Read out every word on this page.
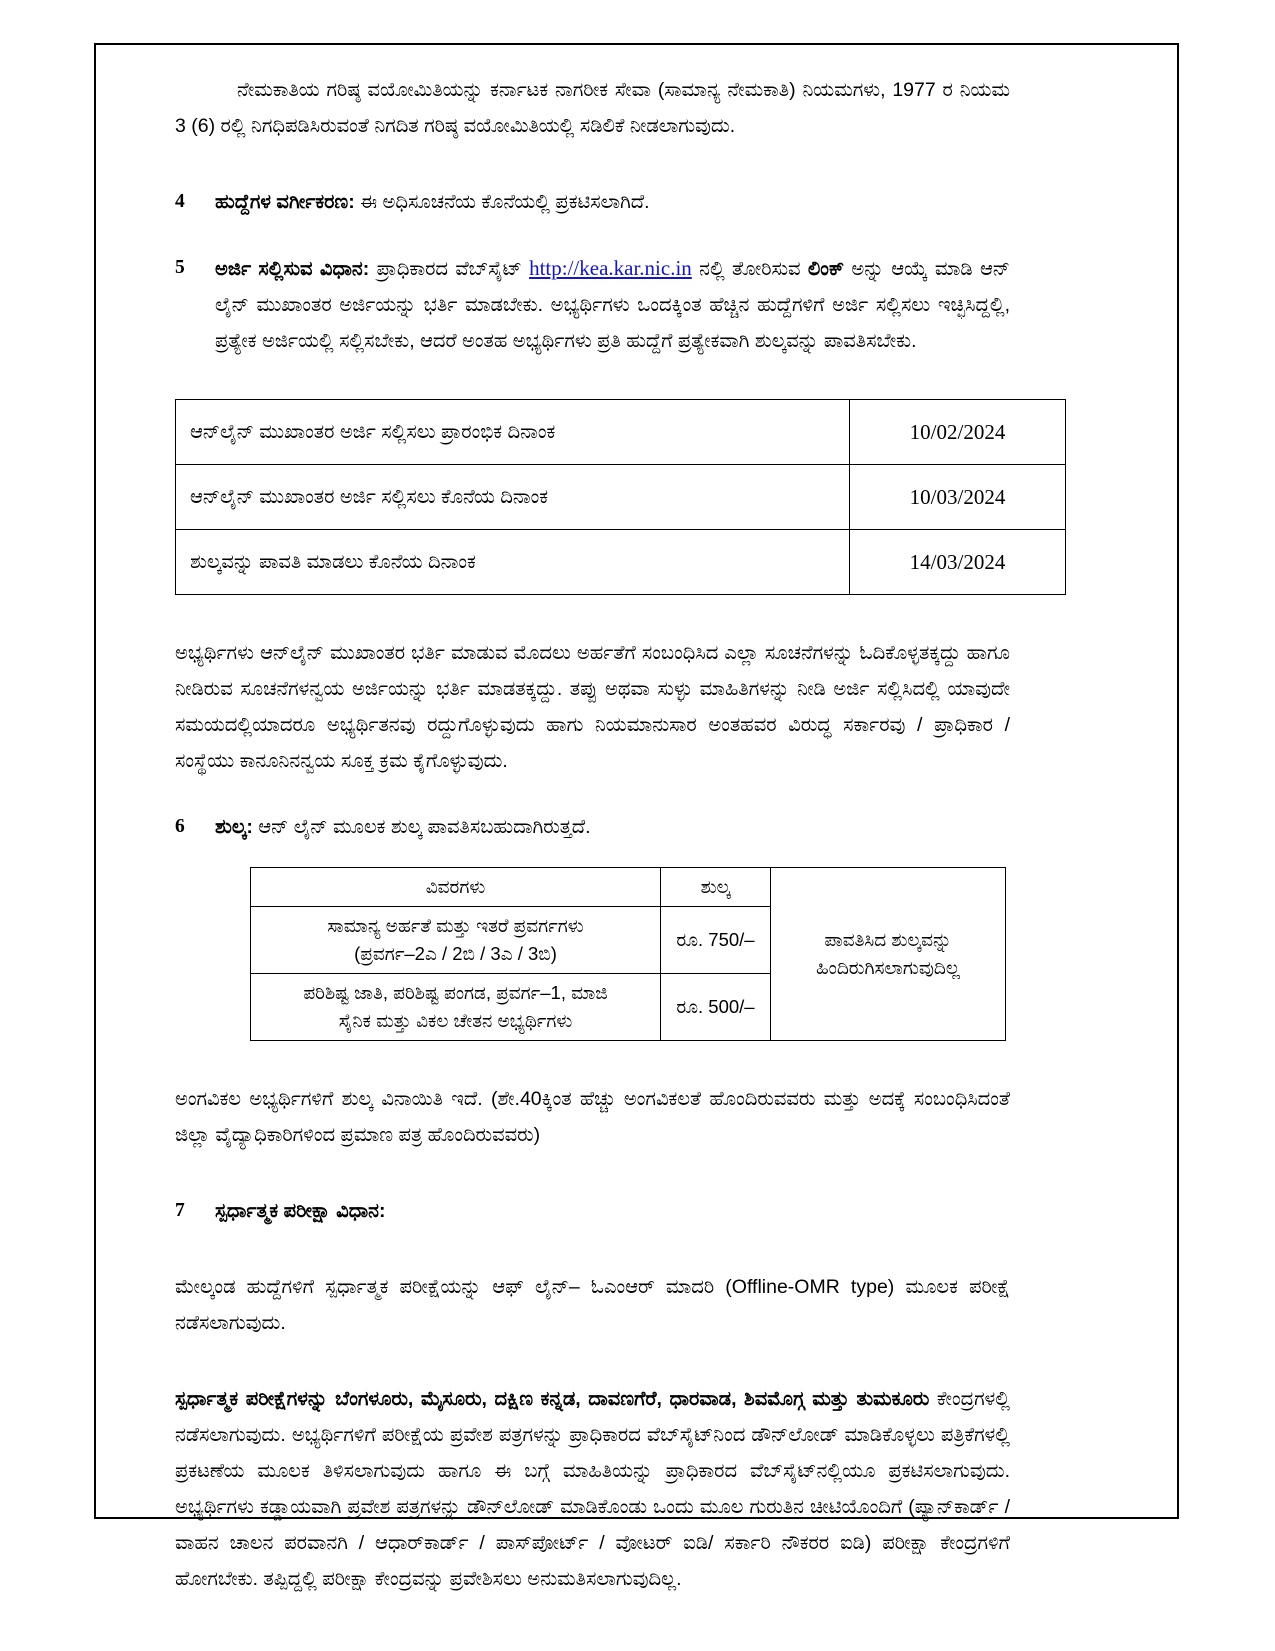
ನೇಮಕಾತಿಯ ಗರಿಷ್ಠ ವಯೋಮಿತಿಯನ್ನು ಕರ್ನಾಟಕ ನಾಗರೀಕ ಸೇವಾ (ಸಾಮಾನ್ಯ ನೇಮಕಾತಿ) ನಿಯಮಗಳು, 1977 ರ ನಿಯಮ 3 (6) ರಲ್ಲಿ ನಿಗಧಿಪಡಿಸಿರುವಂತೆ ನಿಗದಿತ ಗರಿಷ್ಠ ವಯೋಮಿತಿಯಲ್ಲಿ ಸಡಿಲಿಕೆ ನೀಡಲಾಗುವುದು.

4	ಹುದ್ದೆಗಳ ವರ್ಗೀಕರಣ: ಈ ಅಧಿಸೂಚನೆಯ ಕೊನೆಯಲ್ಲಿ ಪ್ರಕಟಿಸಲಾಗಿದೆ.
5	ಅರ್ಜಿ ಸಲ್ಲಿಸುವ ವಿಧಾನ: ಪ್ರಾಧಿಕಾರದ ವೆಬ್‌ಸೈಟ್ http://kea.kar.nic.in ನಲ್ಲಿ ತೋರಿಸುವ ಲಿಂಕ್ ಅನ್ನು ಆಯ್ಕೆ ಮಾಡಿ ಆನ್ ಲೈನ್ ಮುಖಾಂತರ ಅರ್ಜಿಯನ್ನು ಭರ್ತಿ ಮಾಡಬೇಕು. ಅಭ್ಯರ್ಥಿಗಳು ಒಂದಕ್ಕಿಂತ ಹೆಚ್ಚಿನ ಹುದ್ದೆಗಳಿಗೆ ಅರ್ಜಿ ಸಲ್ಲಿಸಲು ಇಚ್ಛಿಸಿದ್ದಲ್ಲಿ, ಪ್ರತ್ಯೇಕ ಅರ್ಜಿಯಲ್ಲಿ ಸಲ್ಲಿಸಬೇಕು, ಆದರೆ ಅಂತಹ ಅಭ್ಯರ್ಥಿಗಳು ಪ್ರತಿ ಹುದ್ದೆಗೆ ಪ್ರತ್ಯೇಕವಾಗಿ ಶುಲ್ಕವನ್ನು ಪಾವತಿಸಬೇಕು.
ಆನ್‌ಲೈನ್ ಮುಖಾಂತರ ಅರ್ಜಿ ಸಲ್ಲಿಸಲು ಪ್ರಾರಂಭಿಕ ದಿನಾಂಕ	10/02/2024
ಆನ್‌ಲೈನ್ ಮುಖಾಂತರ ಅರ್ಜಿ ಸಲ್ಲಿಸಲು ಕೊನೆಯ ದಿನಾಂಕ	10/03/2024
ಶುಲ್ಕವನ್ನು ಪಾವತಿ ಮಾಡಲು ಕೊನೆಯ ದಿನಾಂಕ	14/03/2024

ಅಭ್ಯರ್ಥಿಗಳು ಆನ್‌ಲೈನ್ ಮುಖಾಂತರ ಭರ್ತಿ ಮಾಡುವ ಮೊದಲು ಅರ್ಹತೆಗೆ ಸಂಬಂಧಿಸಿದ ಎಲ್ಲಾ ಸೂಚನೆಗಳನ್ನು ಓದಿಕೊಳ್ಳತಕ್ಕದ್ದು ಹಾಗೂ ನೀಡಿರುವ ಸೂಚನೆಗಳನ್ವಯ ಅರ್ಜಿಯನ್ನು ಭರ್ತಿ ಮಾಡತಕ್ಕದ್ದು. ತಪ್ಪು ಅಥವಾ ಸುಳ್ಳು ಮಾಹಿತಿಗಳನ್ನು ನೀಡಿ ಅರ್ಜಿ ಸಲ್ಲಿಸಿದಲ್ಲಿ ಯಾವುದೇ ಸಮಯದಲ್ಲಿಯಾದರೂ ಅಭ್ಯರ್ಥಿತನವು ರದ್ದುಗೊಳ್ಳುವುದು ಹಾಗು ನಿಯಮಾನುಸಾರ ಅಂತಹವರ ವಿರುದ್ಧ ಸರ್ಕಾರವು / ಪ್ರಾಧಿಕಾರ / ಸಂಸ್ಥೆಯು ಕಾನೂನಿನನ್ವಯ ಸೂಕ್ತ ಕ್ರಮ ಕೈಗೊಳ್ಳುವುದು.

6	ಶುಲ್ಕ: ಆನ್ ಲೈನ್ ಮೂಲಕ ಶುಲ್ಕ ಪಾವತಿಸಬಹುದಾಗಿರುತ್ತದೆ.
ವಿವರಗಳು	ಶುಲ್ಕ	ಪಾವತಿಸಿದ ಶುಲ್ಕವನ್ನು
ಹಿಂದಿರುಗಿಸಲಾಗುವುದಿಲ್ಲ

ಸಾಮಾನ್ಯ ಅರ್ಹತೆ ಮತ್ತು ಇತರೆ ಪ್ರವರ್ಗಗಳು
(ಪ್ರವರ್ಗ–2ಎ / 2ಬಿ / 3ಎ / 3ಬಿ)	ರೂ. 750/–	

ಪರಿಶಿಷ್ಟ ಜಾತಿ, ಪರಿಶಿಷ್ಟ ಪಂಗಡ, ಪ್ರವರ್ಗ–1, ಮಾಜಿ
ಸೈನಿಕ ಮತ್ತು ವಿಕಲ ಚೇತನ ಅಭ್ಯರ್ಥಿಗಳು	ರೂ. 500/–	

ಅಂಗವಿಕಲ ಅಭ್ಯರ್ಥಿಗಳಿಗೆ ಶುಲ್ಕ ವಿನಾಯಿತಿ ಇದೆ. (ಶೇ.40ಕ್ಕಿಂತ ಹೆಚ್ಚು ಅಂಗವಿಕಲತೆ ಹೊಂದಿರುವವರು ಮತ್ತು ಅದಕ್ಕೆ ಸಂಬಂಧಿಸಿದಂತೆ ಜಿಲ್ಲಾ ವೈದ್ಯಾಧಿಕಾರಿಗಳಿಂದ ಪ್ರಮಾಣ ಪತ್ರ ಹೊಂದಿರುವವರು)

7	ಸ್ಪರ್ಧಾತ್ಮಕ ಪರೀಕ್ಷಾ ವಿಧಾನ:

ಮೇಲ್ಕಂಡ ಹುದ್ದೆಗಳಿಗೆ ಸ್ಪರ್ಧಾತ್ಮಕ ಪರೀಕ್ಷೆಯನ್ನು ಆಫ್ ಲೈನ್– ಓಎಂಆರ್ ಮಾದರಿ (Offline-OMR type) ಮೂಲಕ ಪರೀಕ್ಷೆ ನಡೆಸಲಾಗುವುದು.

ಸ್ಪರ್ಧಾತ್ಮಕ ಪರೀಕ್ಷೆಗಳನ್ನು ಬೆಂಗಳೂರು, ಮೈಸೂರು, ದಕ್ಷಿಣ ಕನ್ನಡ, ದಾವಣಗೆರೆ, ಧಾರವಾಡ, ಶಿವಮೊಗ್ಗ ಮತ್ತು ತುಮಕೂರು ಕೇಂದ್ರಗಳಲ್ಲಿ ನಡೆಸಲಾಗುವುದು. ಅಭ್ಯರ್ಥಿಗಳಿಗೆ ಪರೀಕ್ಷೆಯ ಪ್ರವೇಶ ಪತ್ರಗಳನ್ನು ಪ್ರಾಧಿಕಾರದ ವೆಬ್‌ಸೈಟ್‌ನಿಂದ ಡೌನ್‌ಲೋಡ್ ಮಾಡಿಕೊಳ್ಳಲು ಪತ್ರಿಕೆಗಳಲ್ಲಿ ಪ್ರಕಟಣೆಯ ಮೂಲಕ ತಿಳಿಸಲಾಗುವುದು ಹಾಗೂ ಈ ಬಗ್ಗೆ ಮಾಹಿತಿಯನ್ನು ಪ್ರಾಧಿಕಾರದ ವೆಬ್‌ಸೈಟ್‌ನಲ್ಲಿಯೂ ಪ್ರಕಟಿಸಲಾಗುವುದು. ಅಭ್ಯರ್ಥಿಗಳು ಕಡ್ಡಾಯವಾಗಿ ಪ್ರವೇಶ ಪತ್ರಗಳನ್ನು ಡೌನ್‌ಲೋಡ್ ಮಾಡಿಕೊಂಡು ಒಂದು ಮೂಲ ಗುರುತಿನ ಚೀಟಿಯೊಂದಿಗೆ (ಪ್ಯಾನ್‌ಕಾರ್ಡ್ / ವಾಹನ ಚಾಲನ ಪರವಾನಗಿ / ಆಧಾರ್‌ಕಾರ್ಡ್ / ಪಾಸ್‌ಪೋರ್ಟ್ / ವೋಟರ್ ಐಡಿ/ ಸರ್ಕಾರಿ ನೌಕರರ ಐಡಿ) ಪರೀಕ್ಷಾ ಕೇಂದ್ರಗಳಿಗೆ ಹೋಗಬೇಕು. ತಪ್ಪಿದ್ದಲ್ಲಿ ಪರೀಕ್ಷಾ ಕೇಂದ್ರವನ್ನು ಪ್ರವೇಶಿಸಲು ಅನುಮತಿಸಲಾಗುವುದಿಲ್ಲ.
